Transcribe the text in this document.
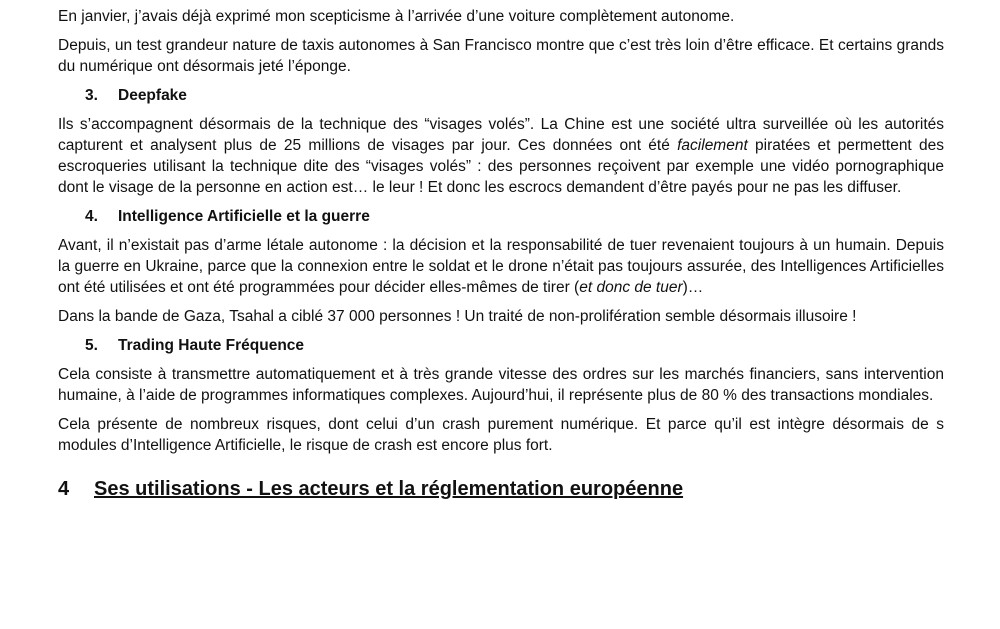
En janvier, j’avais déjà exprimé mon scepticisme à l’arrivée d’une voiture complètement autonome.

Depuis, un test grandeur nature de taxis autonomes à San Francisco montre que c’est très loin d’être efficace. Et certains grands du numérique ont désormais jeté l’éponge.

3. Deepfake

Ils s’accompagnent désormais de la technique des “visages volés”. La Chine est une société ultra surveillée où les autorités capturent et analysent plus de 25 millions de visages par jour. Ces données ont été facilement piratées et permettent des escroqueries utilisant la technique dite des “visages volés” : des personnes reçoivent par exemple une vidéo pornographique dont le visage de la personne en action est… le leur ! Et donc les escrocs demandent d’être payés pour ne pas les diffuser.

4. Intelligence Artificielle et la guerre

Avant, il n’existait pas d’arme létale autonome : la décision et la responsabilité de tuer revenaient toujours à un humain. Depuis la guerre en Ukraine, parce que la connexion entre le soldat et le drone n’était pas toujours assurée, des Intelligences Artificielles ont été utilisées et ont été programmées pour décider elles-mêmes de tirer (et donc de tuer)…

Dans la bande de Gaza, Tsahal a ciblé 37 000 personnes ! Un traité de non-prolifération semble désormais illusoire !

5. Trading Haute Fréquence

Cela consiste à transmettre automatiquement et à très grande vitesse des ordres sur les marchés financiers, sans intervention humaine, à l’aide de programmes informatiques complexes. Aujourd’hui, il représente plus de 80 % des transactions mondiales.

Cela présente de nombreux risques, dont celui d’un crash purement numérique. Et parce qu’il est intègre désormais de s modules d’Intelligence Artificielle, le risque de crash est encore plus fort.

4 Ses utilisations - Les acteurs et la réglementation européenne
